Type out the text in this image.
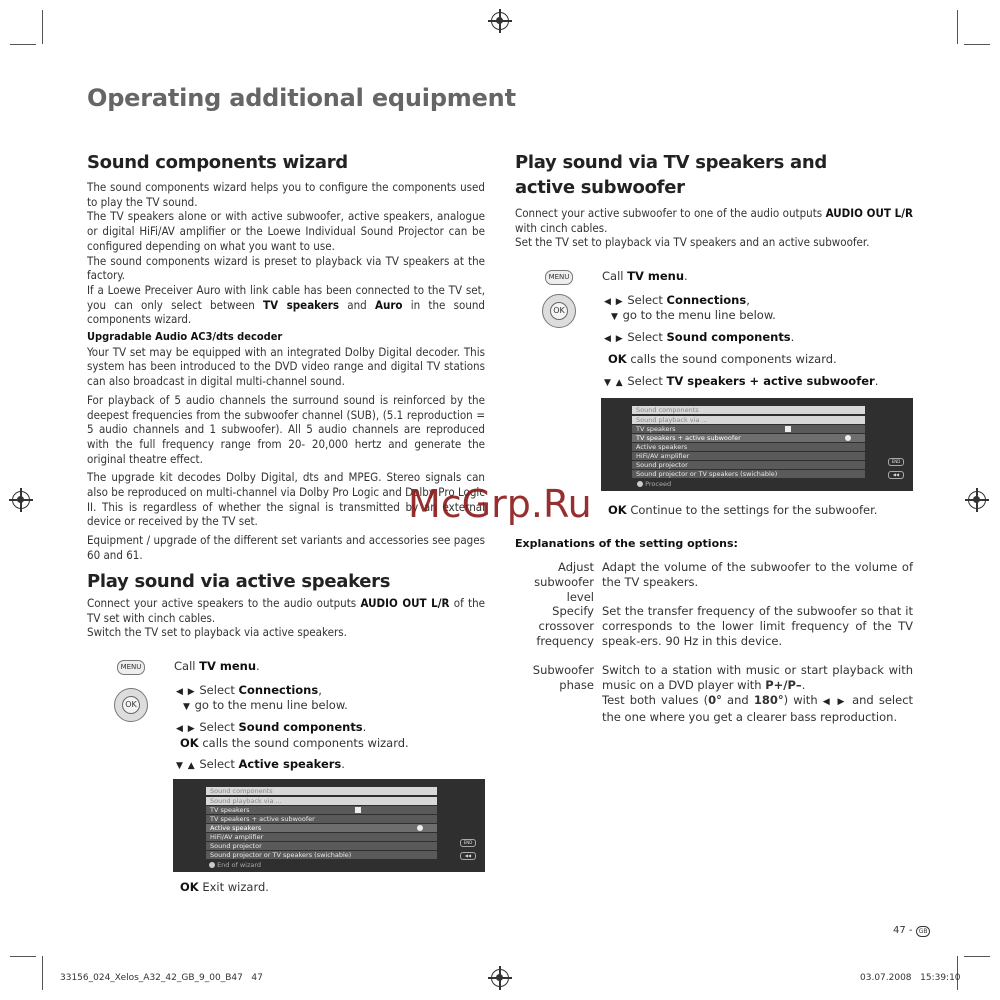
Operating additional equipment
Sound components wizard
The sound components wizard helps you to configure the components used to play the TV sound.
The TV speakers alone or with active subwoofer, active speakers, analogue or digital HiFi/AV amplifier or the Loewe Individual Sound Projector can be configured depending on what you want to use.
The sound components wizard is preset to playback via TV speakers at the factory.
If a Loewe Preceiver Auro with link cable has been connected to the TV set, you can only select between TV speakers and Auro in the sound components wizard.
Upgradable Audio AC3/dts decoder
Your TV set may be equipped with an integrated Dolby Digital decoder. This system has been introduced to the DVD video range and digital TV stations can also broadcast in digital multi-channel sound.
For playback of 5 audio channels the surround sound is reinforced by the deepest frequencies from the subwoofer channel (SUB), (5.1 reproduction = 5 audio channels and 1 subwoofer). All 5 audio channels are reproduced with the full frequency range from 20- 20,000 hertz and generate the original theatre effect.
The upgrade kit decodes Dolby Digital, dts and MPEG. Stereo signals can also be reproduced on multi-channel via Dolby Pro Logic and Dolby Pro Logic II. This is regardless of whether the signal is transmitted by an external device or received by the TV set.
Equipment / upgrade of the different set variants and accessories see pages 60 and 61.
Play sound via active speakers
Connect your active speakers to the audio outputs AUDIO OUT L/R of the TV set with cinch cables.
Switch the TV set to playback via active speakers.
MENU
OK
Call TV menu.
◀ ▶ Select Connections,
▼ go to the menu line below.
◀ ▶ Select Sound components.
OK calls the sound components wizard.
▼ ▲ Select Active speakers.
Sound components
Sound playback via ...
TV speakers
TV speakers + active subwoofer
Active speakers
HiFi/AV amplifier
Sound projector
Sound projector or TV speakers (swichable)
End of wizard
END
◀◀
OK Exit wizard.
Play sound via TV speakers and active subwoofer
Connect your active subwoofer to one of the audio outputs AUDIO OUT L/R with cinch cables.
Set the TV set to playback via TV speakers and an active subwoofer.
MENU
OK
Call TV menu.
◀ ▶ Select Connections,
▼ go to the menu line below.
◀ ▶ Select Sound components.
OK calls the sound components wizard.
▼ ▲ Select TV speakers + active subwoofer.
Sound components
Sound playback via ...
TV speakers
TV speakers + active subwoofer
Active speakers
HiFi/AV amplifier
Sound projector
Sound projector or TV speakers (swichable)
Proceed
END
◀◀
OK Continue to the settings for the subwoofer.
Explanations of the setting options:
Adjust subwoofer level
Adapt the volume of the subwoofer to the volume of the TV speakers.
Specify crossover frequency
Set the transfer frequency of the subwoofer so that it corresponds to the lower limit frequency of the TV speak-ers. 90 Hz in this device.
Subwoofer phase
Switch to a station with music or start playback with music on a DVD player with P+/P–.
Test both values (0° and 180°) with ◀ ▶ and select the one where you get a clearer bass reproduction.
McGrp.Ru
47 - GB
33156_024_Xelos_A32_42_GB_9_00_B47   47	03.07.2008   15:39:10
